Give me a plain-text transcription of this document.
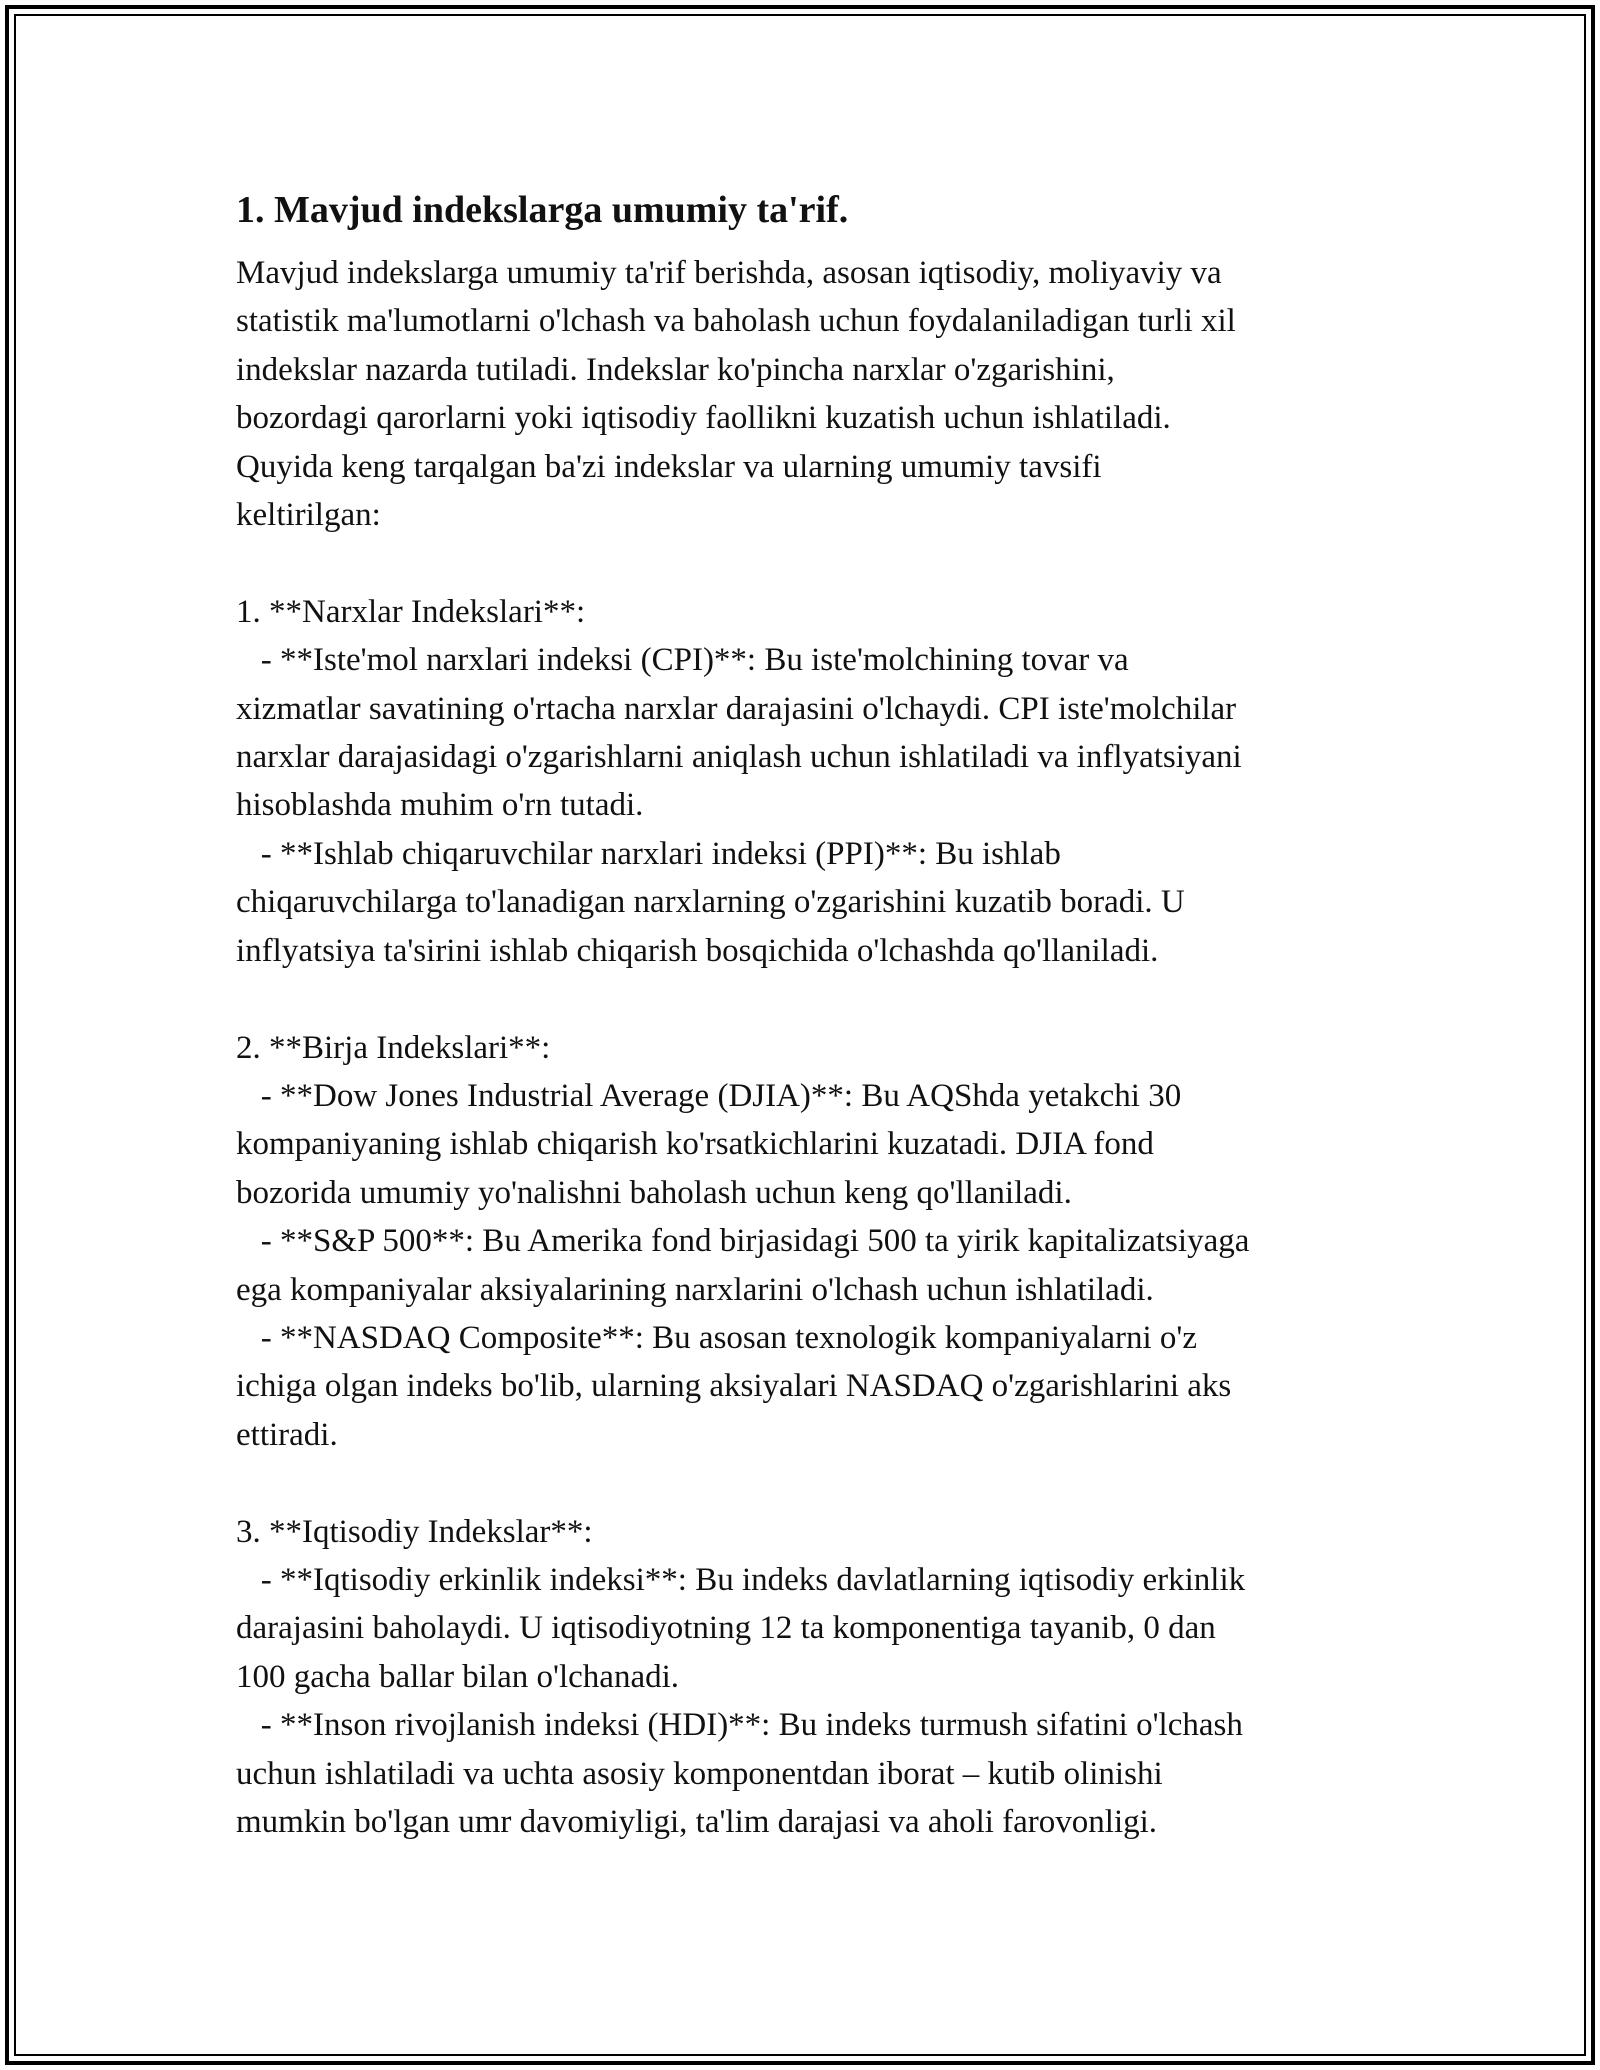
1. Mavjud indekslarga umumiy ta'rif.
Mavjud indekslarga umumiy ta'rif berishda, asosan iqtisodiy, moliyaviy va
statistik ma'lumotlarni o'lchash va baholash uchun foydalaniladigan turli xil
indekslar nazarda tutiladi. Indekslar ko'pincha narxlar o'zgarishini,
bozordagi qarorlarni yoki iqtisodiy faollikni kuzatish uchun ishlatiladi.
Quyida keng tarqalgan ba'zi indekslar va ularning umumiy tavsifi
keltirilgan:

1. **Narxlar Indekslari**:
- **Iste'mol narxlari indeksi (CPI)**: Bu iste'molchining tovar va
xizmatlar savatining o'rtacha narxlar darajasini o'lchaydi. CPI iste'molchilar
narxlar darajasidagi o'zgarishlarni aniqlash uchun ishlatiladi va inflyatsiyani
hisoblashda muhim o'rn tutadi.
- **Ishlab chiqaruvchilar narxlari indeksi (PPI)**: Bu ishlab
chiqaruvchilarga to'lanadigan narxlarning o'zgarishini kuzatib boradi. U
inflyatsiya ta'sirini ishlab chiqarish bosqichida o'lchashda qo'llaniladi.

2. **Birja Indekslari**:
- **Dow Jones Industrial Average (DJIA)**: Bu AQShda yetakchi 30
kompaniyaning ishlab chiqarish ko'rsatkichlarini kuzatadi. DJIA fond
bozorida umumiy yo'nalishni baholash uchun keng qo'llaniladi.
- **S&P 500**: Bu Amerika fond birjasidagi 500 ta yirik kapitalizatsiyaga
ega kompaniyalar aksiyalarining narxlarini o'lchash uchun ishlatiladi.
- **NASDAQ Composite**: Bu asosan texnologik kompaniyalarni o'z
ichiga olgan indeks bo'lib, ularning aksiyalari NASDAQ o'zgarishlarini aks
ettiradi.

3. **Iqtisodiy Indekslar**:
- **Iqtisodiy erkinlik indeksi**: Bu indeks davlatlarning iqtisodiy erkinlik
darajasini baholaydi. U iqtisodiyotning 12 ta komponentiga tayanib, 0 dan
100 gacha ballar bilan o'lchanadi.
- **Inson rivojlanish indeksi (HDI)**: Bu indeks turmush sifatini o'lchash
uchun ishlatiladi va uchta asosiy komponentdan iborat – kutib olinishi
mumkin bo'lgan umr davomiyligi, ta'lim darajasi va aholi farovonligi.
